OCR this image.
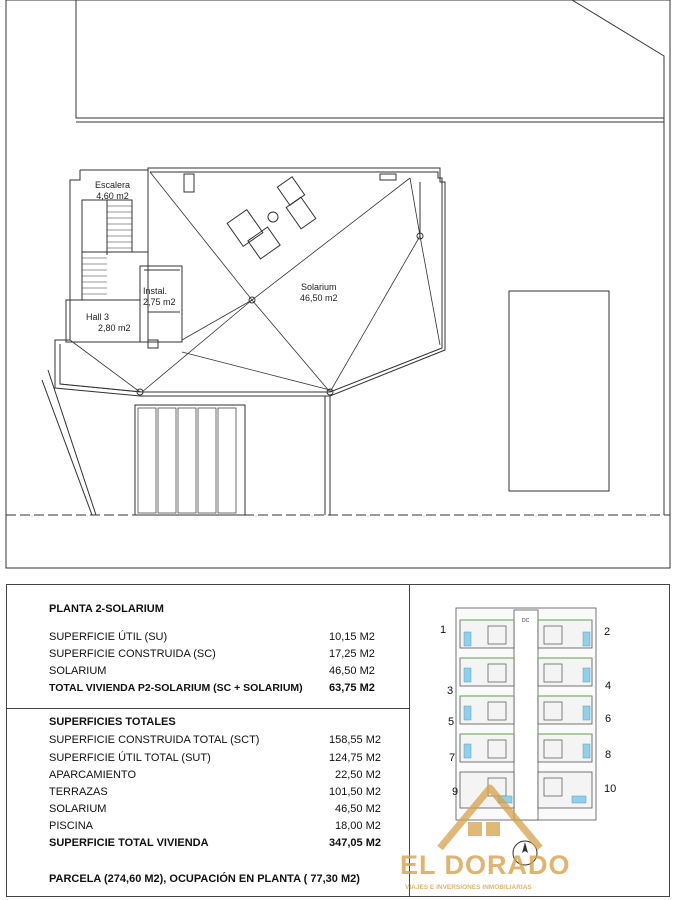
Escalera
4,60 m2
Instal.
2,75 m2
Hall 3
2,80 m2
Solarium
46,50 m2
PLANTA 2-SOLARIUM
SUPERFICIE ÚTIL (SU)	10,15 M2
SUPERFICIE CONSTRUIDA (SC)	17,25 M2
SOLARIUM	46,50 M2
TOTAL VIVIENDA P2-SOLARIUM (SC + SOLARIUM) 63,75 M2
SUPERFICIES TOTALES
SUPERFICIE CONSTRUIDA TOTAL (SCT)	158,55 M2
SUPERFICIE ÚTIL TOTAL (SUT)	124,75 M2
APARCAMIENTO	22,50 M2
TERRAZAS	101,50 M2
SOLARIUM	46,50 M2
PISCINA	18,00 M2
SUPERFICIE TOTAL VIVIENDA	347,05 M2
PARCELA (274,60 M2), OCUPACIÓN EN PLANTA ( 77,30 M2)
DC
1	2
3	4
5	6
7	8
9	10
EL DORADO
VIAJES E INVERSIONES INMOBILIARIAS
